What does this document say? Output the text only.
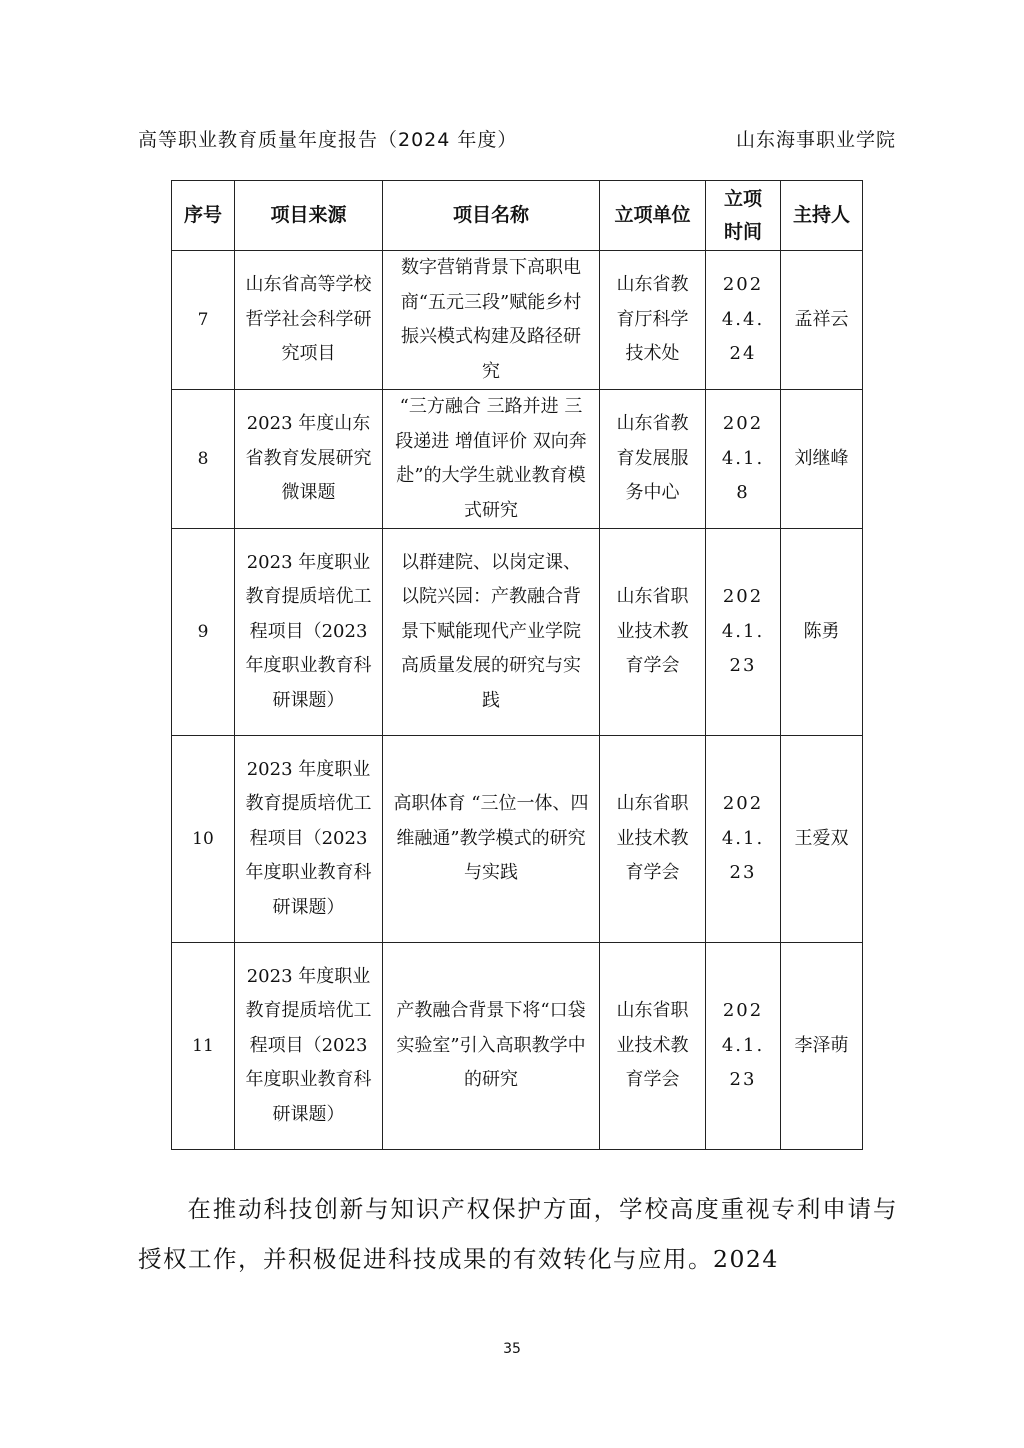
高等职业教育质量年度报告（2024 年度）	山东海事职业学院
序号	项目来源	项目名称	立项单位	立项时间	主持人
7	山东省高等学校哲学社会科学研究项目	数字营销背景下高职电商“五元三段”赋能乡村振兴模式构建及路径研究	山东省教育厅科学技术处	2024.4.24	孟祥云
8	2023 年度山东省教育发展研究微课题	“三方融合 三路并进 三段递进 增值评价 双向奔赴”的大学生就业教育模式研究	山东省教育发展服务中心	2024.1.8	刘继峰
9	2023 年度职业教育提质培优工程项目（2023 年度职业教育科研课题）	以群建院、以岗定课、以院兴园：产教融合背景下赋能现代产业学院高质量发展的研究与实践	山东省职业技术教育学会	2024.1.23	陈勇
10	2023 年度职业教育提质培优工程项目（2023 年度职业教育科研课题）	高职体育 “三位一体、四维融通”教学模式的研究与实践	山东省职业技术教育学会	2024.1.23	王爱双
11	2023 年度职业教育提质培优工程项目（2023 年度职业教育科研课题）	产教融合背景下将“口袋实验室”引入高职教学中的研究	山东省职业技术教育学会	2024.1.23	李泽萌

在推动科技创新与知识产权保护方面，学校高度重视专利申请与授权工作，并积极促进科技成果的有效转化与应用。2024

35
